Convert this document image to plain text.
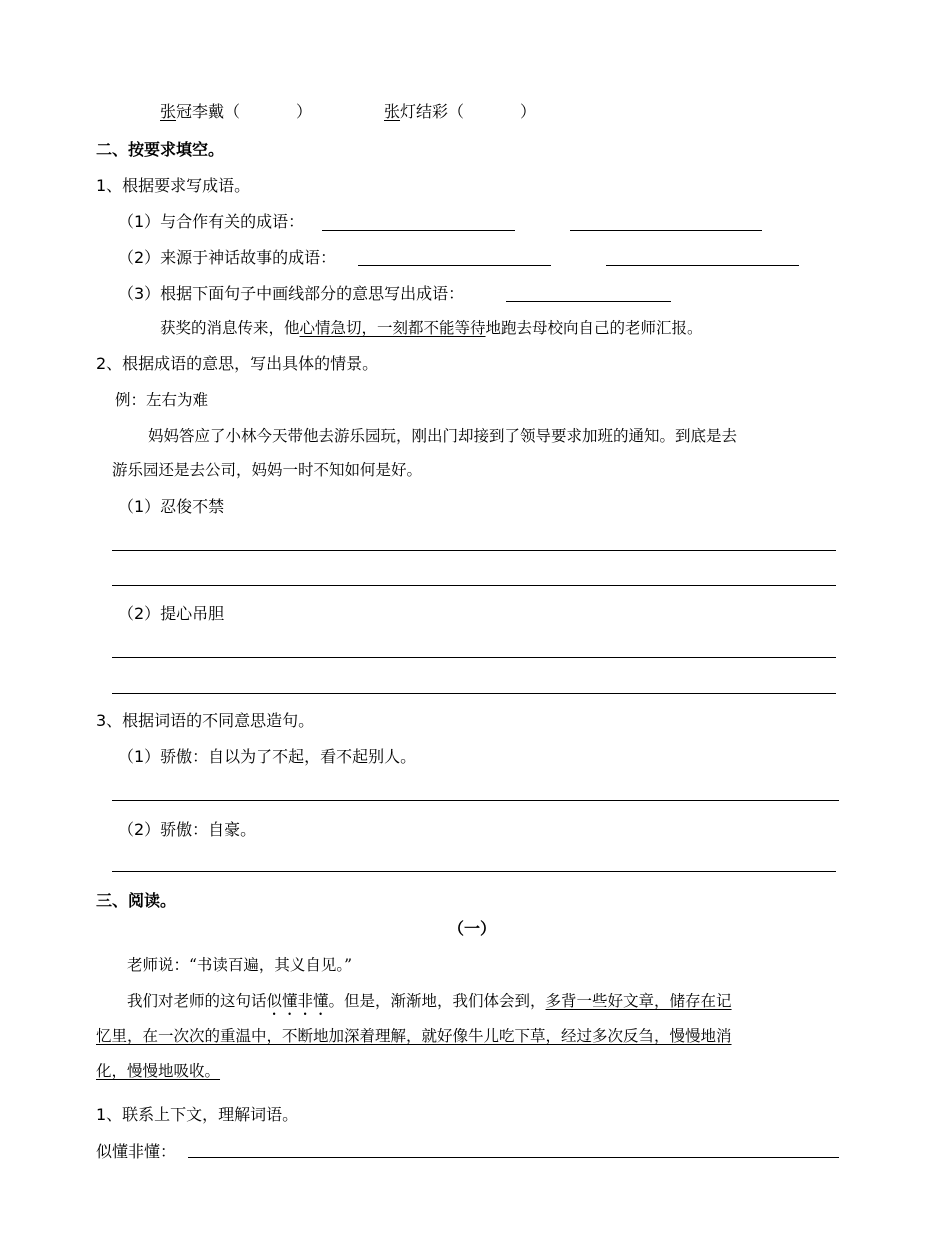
张冠李戴（	）	张灯结彩（	）
二、按要求填空。
1、根据要求写成语。
（1）与合作有关的成语：
（2）来源于神话故事的成语：
（3）根据下面句子中画线部分的意思写出成语：
获奖的消息传来，他心情急切，一刻都不能等待地跑去母校向自己的老师汇报。
2、根据成语的意思，写出具体的情景。
例：左右为难
妈妈答应了小林今天带他去游乐园玩，刚出门却接到了领导要求加班的通知。到底是去
游乐园还是去公司，妈妈一时不知如何是好。
（1）忍俊不禁
（2）提心吊胆
3、根据词语的不同意思造句。
（1）骄傲：自以为了不起，看不起别人。
（2）骄傲：自豪。
三、阅读。
（一）
老师说：“书读百遍，其义自见。”
我们对老师的这句话似懂非懂。但是，渐渐地，我们体会到，多背一些好文章，储存在记
忆里，在一次次的重温中，不断地加深着理解，就好像牛儿吃下草，经过多次反刍，慢慢地消
化，慢慢地吸收。
1、联系上下文，理解词语。
似懂非懂：
